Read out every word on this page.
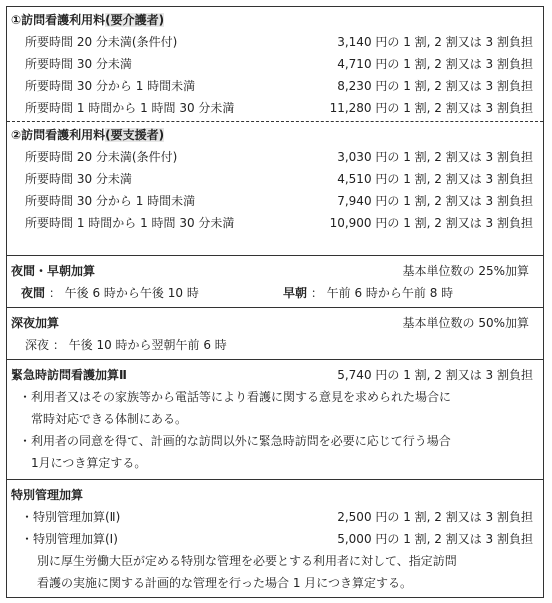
①訪問看護利用料(要介護者)
所要時間 20 分未満(条件付)	3,140 円の 1 割, 2 割又は 3 割負担
所要時間 30 分未満	4,710 円の 1 割, 2 割又は 3 割負担
所要時間 30 分から 1 時間未満	8,230 円の 1 割, 2 割又は 3 割負担
所要時間 1 時間から 1 時間 30 分未満	11,280 円の 1 割, 2 割又は 3 割負担
②訪問看護利用料(要支援者)
所要時間 20 分未満(条件付)	3,030 円の 1 割, 2 割又は 3 割負担
所要時間 30 分未満	4,510 円の 1 割, 2 割又は 3 割負担
所要時間 30 分から 1 時間未満	7,940 円の 1 割, 2 割又は 3 割負担
所要時間 1 時間から 1 時間 30 分未満	10,900 円の 1 割, 2 割又は 3 割負担
夜間・早朝加算	基本単位数の 25%加算
夜間 ： 午後 6 時から午後 10 時	早朝 ： 午前 6 時から午前 8 時
深夜加算	基本単位数の 50%加算
深夜 ： 午後 10 時から翌朝午前 6 時
緊急時訪問看護加算Ⅱ	5,740 円の 1 割, 2 割又は 3 割負担
・利用者又はその家族等から電話等により看護に関する意見を求められた場合に
常時対応できる体制にある。
・利用者の同意を得て、計画的な訪問以外に緊急時訪問を必要に応じて行う場合
1月につき算定する。
特別管理加算
・特別管理加算(Ⅱ)	2,500 円の 1 割, 2 割又は 3 割負担
・特別管理加算(Ⅰ)	5,000 円の 1 割, 2 割又は 3 割負担
別に厚生労働大臣が定める特別な管理を必要とする利用者に対して、指定訪問
看護の実施に関する計画的な管理を行った場合 1 月につき算定する。
